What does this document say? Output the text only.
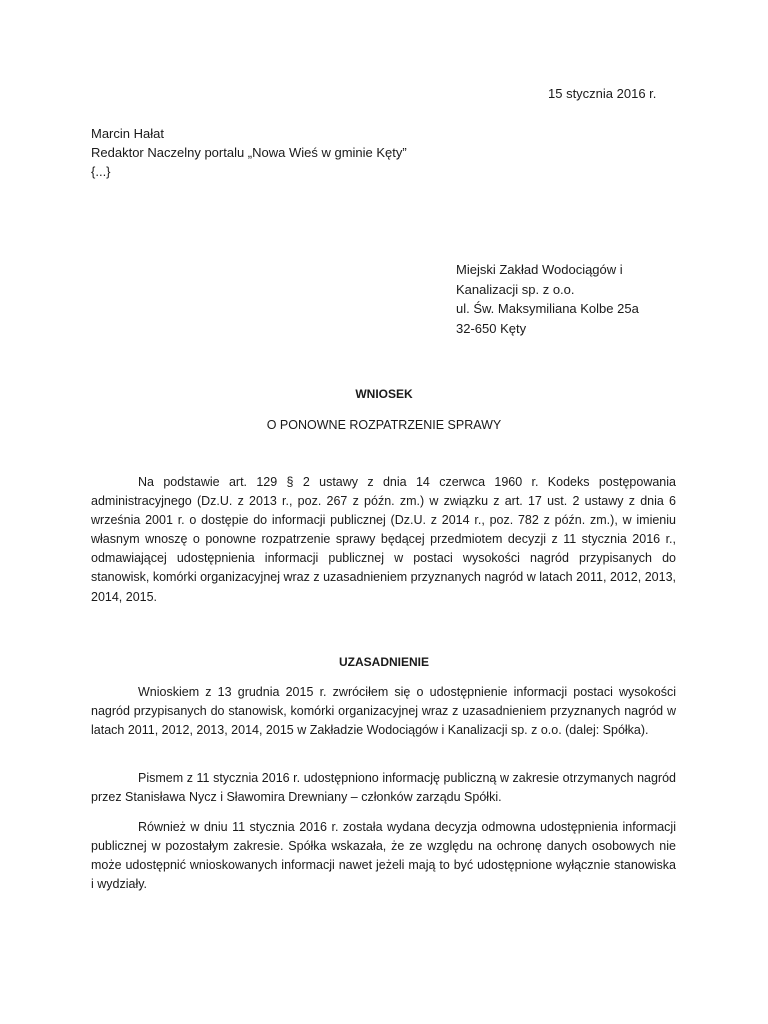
15 stycznia 2016 r.
Marcin Hałat
Redaktor Naczelny portalu „Nowa Wieś w gminie Kęty”
{...}
Miejski Zakład Wodociągów i
Kanalizacji sp. z o.o.
ul. Św. Maksymiliana Kolbe 25a
32-650 Kęty
WNIOSEK
O PONOWNE ROZPATRZENIE SPRAWY

Na podstawie art. 129 § 2 ustawy z dnia 14 czerwca 1960 r. Kodeks postępowania administracyjnego (Dz.U. z 2013 r., poz. 267 z późn. zm.) w związku z art. 17 ust. 2 ustawy z dnia 6 września 2001 r. o dostępie do informacji publicznej (Dz.U. z 2014 r., poz. 782 z późn. zm.), w imieniu własnym wnoszę o ponowne rozpatrzenie sprawy będącej przedmiotem decyzji z 11 stycznia 2016 r., odmawiającej udostępnienia informacji publicznej w postaci wysokości nagród przypisanych do stanowisk, komórki organizacyjnej wraz z uzasadnieniem przyznanych nagród w latach 2011, 2012, 2013, 2014, 2015.

UZASADNIENIE

Wnioskiem z 13 grudnia 2015 r. zwróciłem się o udostępnienie informacji postaci wysokości nagród przypisanych do stanowisk, komórki organizacyjnej wraz z uzasadnieniem przyznanych nagród w latach 2011, 2012, 2013, 2014, 2015 w Zakładzie Wodociągów i Kanalizacji sp. z o.o. (dalej: Spółka).

Pismem z 11 stycznia 2016 r. udostępniono informację publiczną w zakresie otrzymanych nagród przez Stanisława Nycz i Sławomira Drewniany – członków zarządu Spółki.

Również w dniu 11 stycznia 2016 r. została wydana decyzja odmowna udostępnienia informacji publicznej w pozostałym zakresie. Spółka wskazała, że ze względu na ochronę danych osobowych nie może udostępnić wnioskowanych informacji nawet jeżeli mają to być udostępnione wyłącznie stanowiska i wydziały.
